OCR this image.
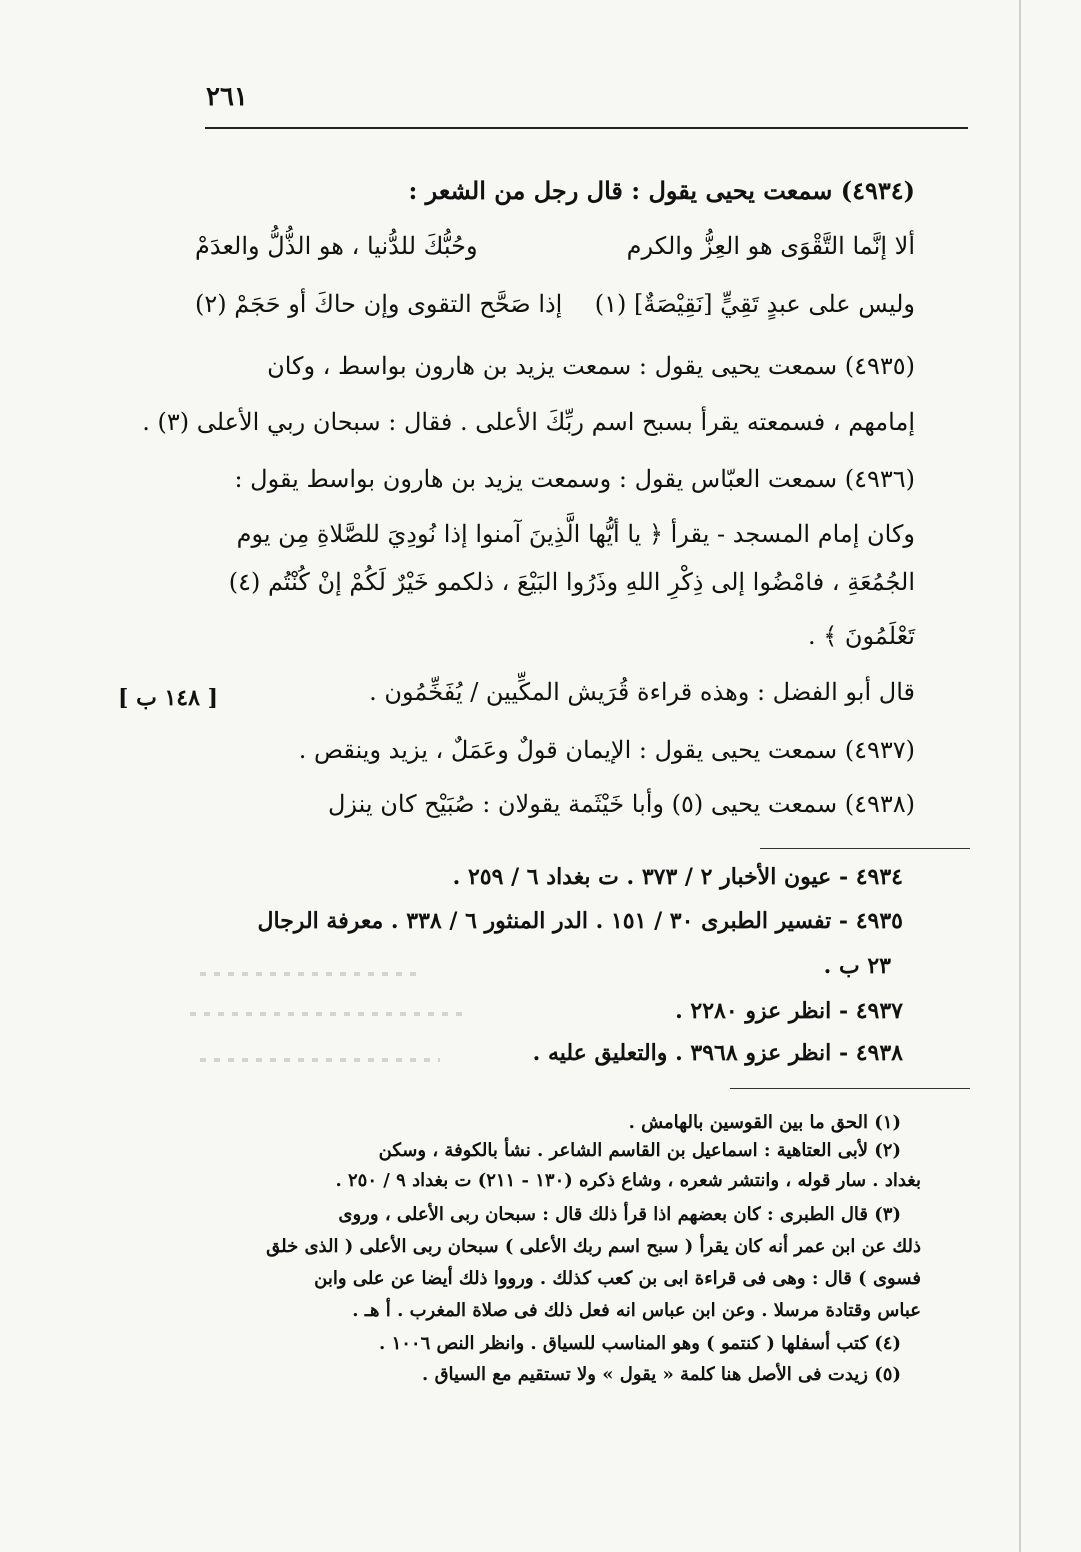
٢٦١
(٤٩٣٤) سمعت يحيى يقول : قال رجل من الشعر :
ألا إنَّما التَّقْوَى هو العِزُّ والكرم
وحُبُّكَ للدُّنيا ، هو الذُّلُّ والعدَمْ
وليس على عبدٍ تَقِيٍّ [نَقِيْصَةٌ] (١)
إذا صَحَّح التقوى وإن حاكَ أو حَجَمْ (٢)
(٤٩٣٥) سمعت يحيى يقول : سمعت يزيد بن هارون بواسط ، وكان
إمامهم ، فسمعته يقرأ بسبح اسم ربِّكَ الأعلى . فقال : سبحان ربي الأعلى (٣) .
(٤٩٣٦) سمعت العبّاس يقول : وسمعت يزيد بن هارون بواسط يقول :
وكان إمام المسجد - يقرأ ﴿ يا أيُّها الَّذِينَ آمنوا إذا نُودِيَ للصَّلاةِ مِن يوم
الجُمُعَةِ ، فامْضُوا إلى ذِكْرِ اللهِ وذَرُوا البَيْعَ ، ذلكمو خَيْرٌ لَكُمْ إنْ كُنْتُم (٤)
تَعْلَمُونَ ﴾ .
قال أبو الفضل : وهذه قراءة قُرَيش المكِّيين / يُفَخِّمُون .
(٤٩٣٧) سمعت يحيى يقول : الإيمان قولٌ وعَمَلٌ ، يزيد وينقص .
(٤٩٣٨) سمعت يحيى (٥) وأبا خَيْثَمة يقولان : صُبَيْح كان ينزل
[ ١٤٨ ب ]
٤٩٣٤ - عيون الأخبار ٢ / ٣٧٣ . ت بغداد ٦ / ٢٥٩ .
٤٩٣٥ - تفسير الطبرى ٣٠ / ١٥١ . الدر المنثور ٦ / ٣٣٨ . معرفة الرجال
٢٣ ب .
٤٩٣٧ - انظر عزو ٢٢٨٠ .
٤٩٣٨ - انظر عزو ٣٩٦٨ . والتعليق عليه .
(١) الحق ما بين القوسين بالهامش .
(٢) لأبى العتاهية : اسماعيل بن القاسم الشاعر . نشأ بالكوفة ، وسكن
بغداد . سار قوله ، وانتشر شعره ، وشاع ذكره (١٣٠ - ٢١١) ت بغداد ٩ / ٢٥٠ .
(٣) قال الطبرى : كان بعضهم اذا قرأ ذلك قال : سبحان ربى الأعلى ، وروى
ذلك عن ابن عمر أنه كان يقرأ ( سبح اسم ربك الأعلى ) سبحان ربى الأعلى ( الذى خلق
فسوى ) قال : وهى فى قراءة ابى بن كعب كذلك . ورووا ذلك أيضا عن على وابن
عباس وقتادة مرسلا . وعن ابن عباس انه فعل ذلك فى صلاة المغرب . أ هـ .
(٤) كتب أسفلها ( كنتمو ) وهو المناسب للسياق . وانظر النص ١٠٠٦ .
(٥) زيدت فى الأصل هنا كلمة « يقول » ولا تستقيم مع السياق .
